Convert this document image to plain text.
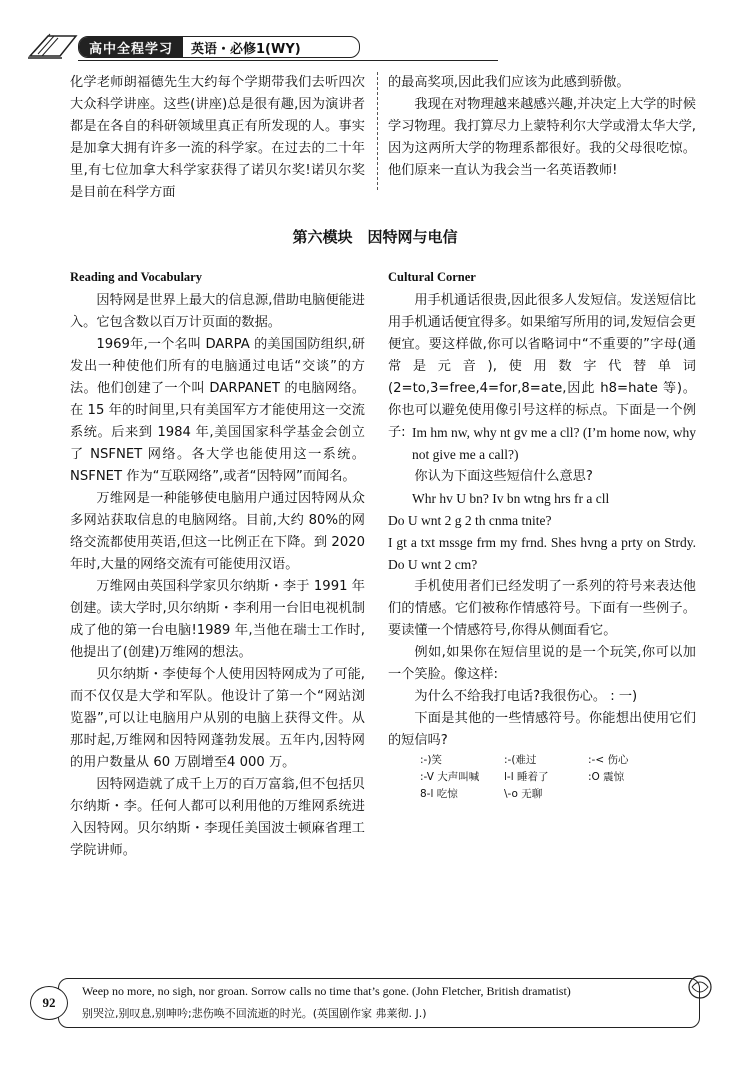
高中全程学习	英语・必修1(WY)
化学老师朗福德先生大约每个学期带我们去听四次大众科学讲座。这些(讲座)总是很有趣,因为演讲者都是在各自的科研领域里真正有所发现的人。事实是加拿大拥有许多一流的科学家。在过去的二十年里,有七位加拿大科学家获得了诺贝尔奖!诺贝尔奖是目前在科学方面
的最高奖项,因此我们应该为此感到骄傲。
我现在对物理越来越感兴趣,并决定上大学的时候学习物理。我打算尽力上蒙特利尔大学或滑太华大学,因为这两所大学的物理系都很好。我的父母很吃惊。他们原来一直认为我会当一名英语教师!
第六模块　因特网与电信
Reading and Vocabulary
因特网是世界上最大的信息源,借助电脑便能进入。它包含数以百万计页面的数据。
1969年,一个名叫 DARPA 的美国国防组织,研发出一种使他们所有的电脑通过电话“交谈”的方法。他们创建了一个叫 DARPANET 的电脑网络。在 15 年的时间里,只有美国军方才能使用这一交流系统。后来到 1984 年,美国国家科学基金会创立了 NSFNET 网络。各大学也能使用这一系统。NSFNET 作为“互联网络”,或者“因特网”而闻名。
万维网是一种能够使电脑用户通过因特网从众多网站获取信息的电脑网络。目前,大约 80%的网络交流都使用英语,但这一比例正在下降。到 2020 年时,大量的网络交流有可能使用汉语。
万维网由英国科学家贝尔纳斯・李于 1991 年创建。读大学时,贝尔纳斯・李利用一台旧电视机制成了他的第一台电脑!1989 年,当他在瑞士工作时,他提出了(创建)万维网的想法。
贝尔纳斯・李使每个人使用因特网成为了可能,而不仅仅是大学和军队。他设计了第一个“网站浏览器”,可以让电脑用户从别的电脑上获得文件。从那时起,万维网和因特网蓬勃发展。五年内,因特网的用户数量从 60 万剧增至4 000 万。
因特网造就了成千上万的百万富翁,但不包括贝尔纳斯・李。任何人都可以利用他的万维网系统进入因特网。贝尔纳斯・李现任美国波士顿麻省理工学院讲师。
Cultural Corner
用手机通话很贵,因此很多人发短信。发送短信比用手机通话便宜得多。如果缩写所用的词,发短信会更便宜。要这样做,你可以省略词中“不重要的”字母(通常是元音),使用数字代替单词(2=to,3=free,4=for,8=ate,因此 h8=hate 等)。你也可以避免使用像引号这样的标点。下面是一个例子: Im hm nw, why nt gv me a cll? (I’m home now, why not give me a call?)
你认为下面这些短信什么意思?
Whr hv U bn? Iv bn wtng hrs fr a cll
Do U wnt 2 g 2 th cnma tnite?
I gt a txt mssge frm my frnd. Shes hvng a prty on Strdy. Do U wnt 2 cm?
手机使用者们已经发明了一系列的符号来表达他们的情感。它们被称作情感符号。下面有一些例子。要读懂一个情感符号,你得从侧面看它。
例如,如果你在短信里说的是一个玩笑,你可以加一个笑脸。像这样:
为什么不给我打电话?我很伤心。 : 一)
下面是其他的一些情感符号。你能想出使用它们的短信吗?
:-)笑	:-(难过	:-< 伤心
:-V 大声叫喊	l-l 睡着了	:O 震惊
8-l 吃惊	\-o 无聊
92
Weep no more, no sigh, nor groan. Sorrow calls no time that’s gone. (John Fletcher, British dramatist)
别哭泣,别叹息,别呻吟;悲伤唤不回流逝的时光。(英国剧作家 弗莱彻. J.)
